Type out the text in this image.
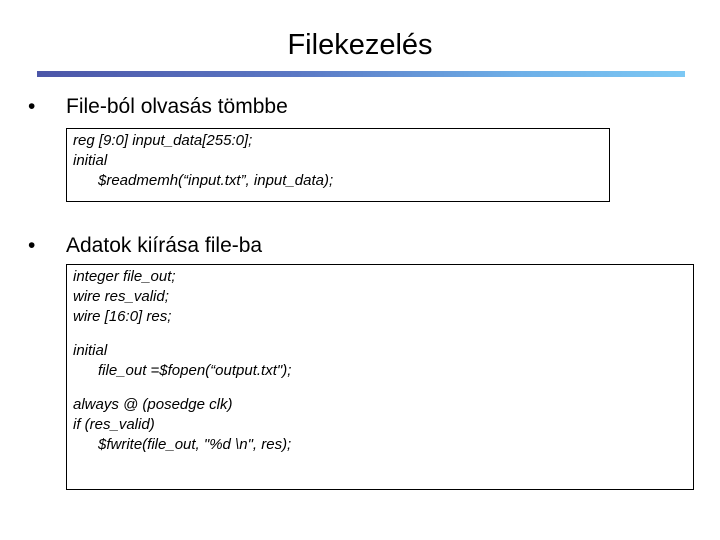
Filekezelés
• File-ból olvasás tömbbe
reg [9:0] input_data[255:0];
initial
$readmemh(“input.txt”, input_data);
• Adatok kiírása file-ba
integer file_out;
wire res_valid;
wire [16:0] res;
initial
file_out =$fopen(“output.txt");
always @ (posedge clk)
if (res_valid)
$fwrite(file_out, "%d \n", res);
